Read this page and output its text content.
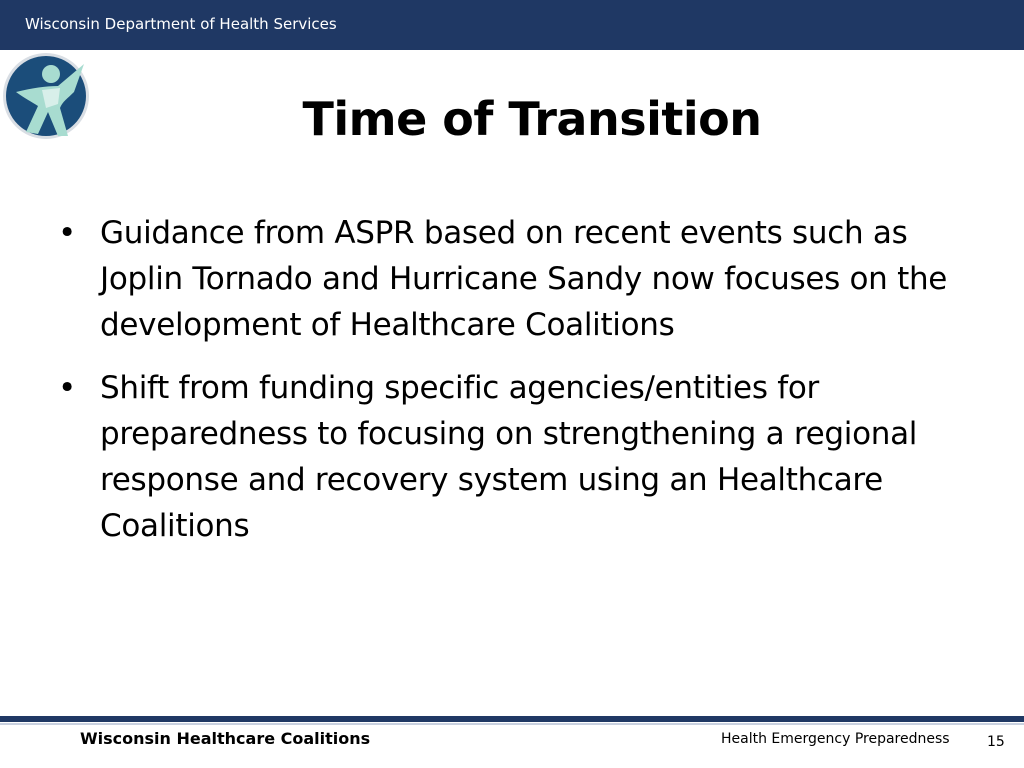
Wisconsin Department of Health Services
Time of Transition
• Guidance from ASPR based on recent events such as Joplin Tornado and Hurricane Sandy now focuses on the development of Healthcare Coalitions
• Shift from funding specific agencies/entities for preparedness to focusing on strengthening a regional response and recovery system using an Healthcare Coalitions
Wisconsin Healthcare Coalitions	Health Emergency Preparedness	15
